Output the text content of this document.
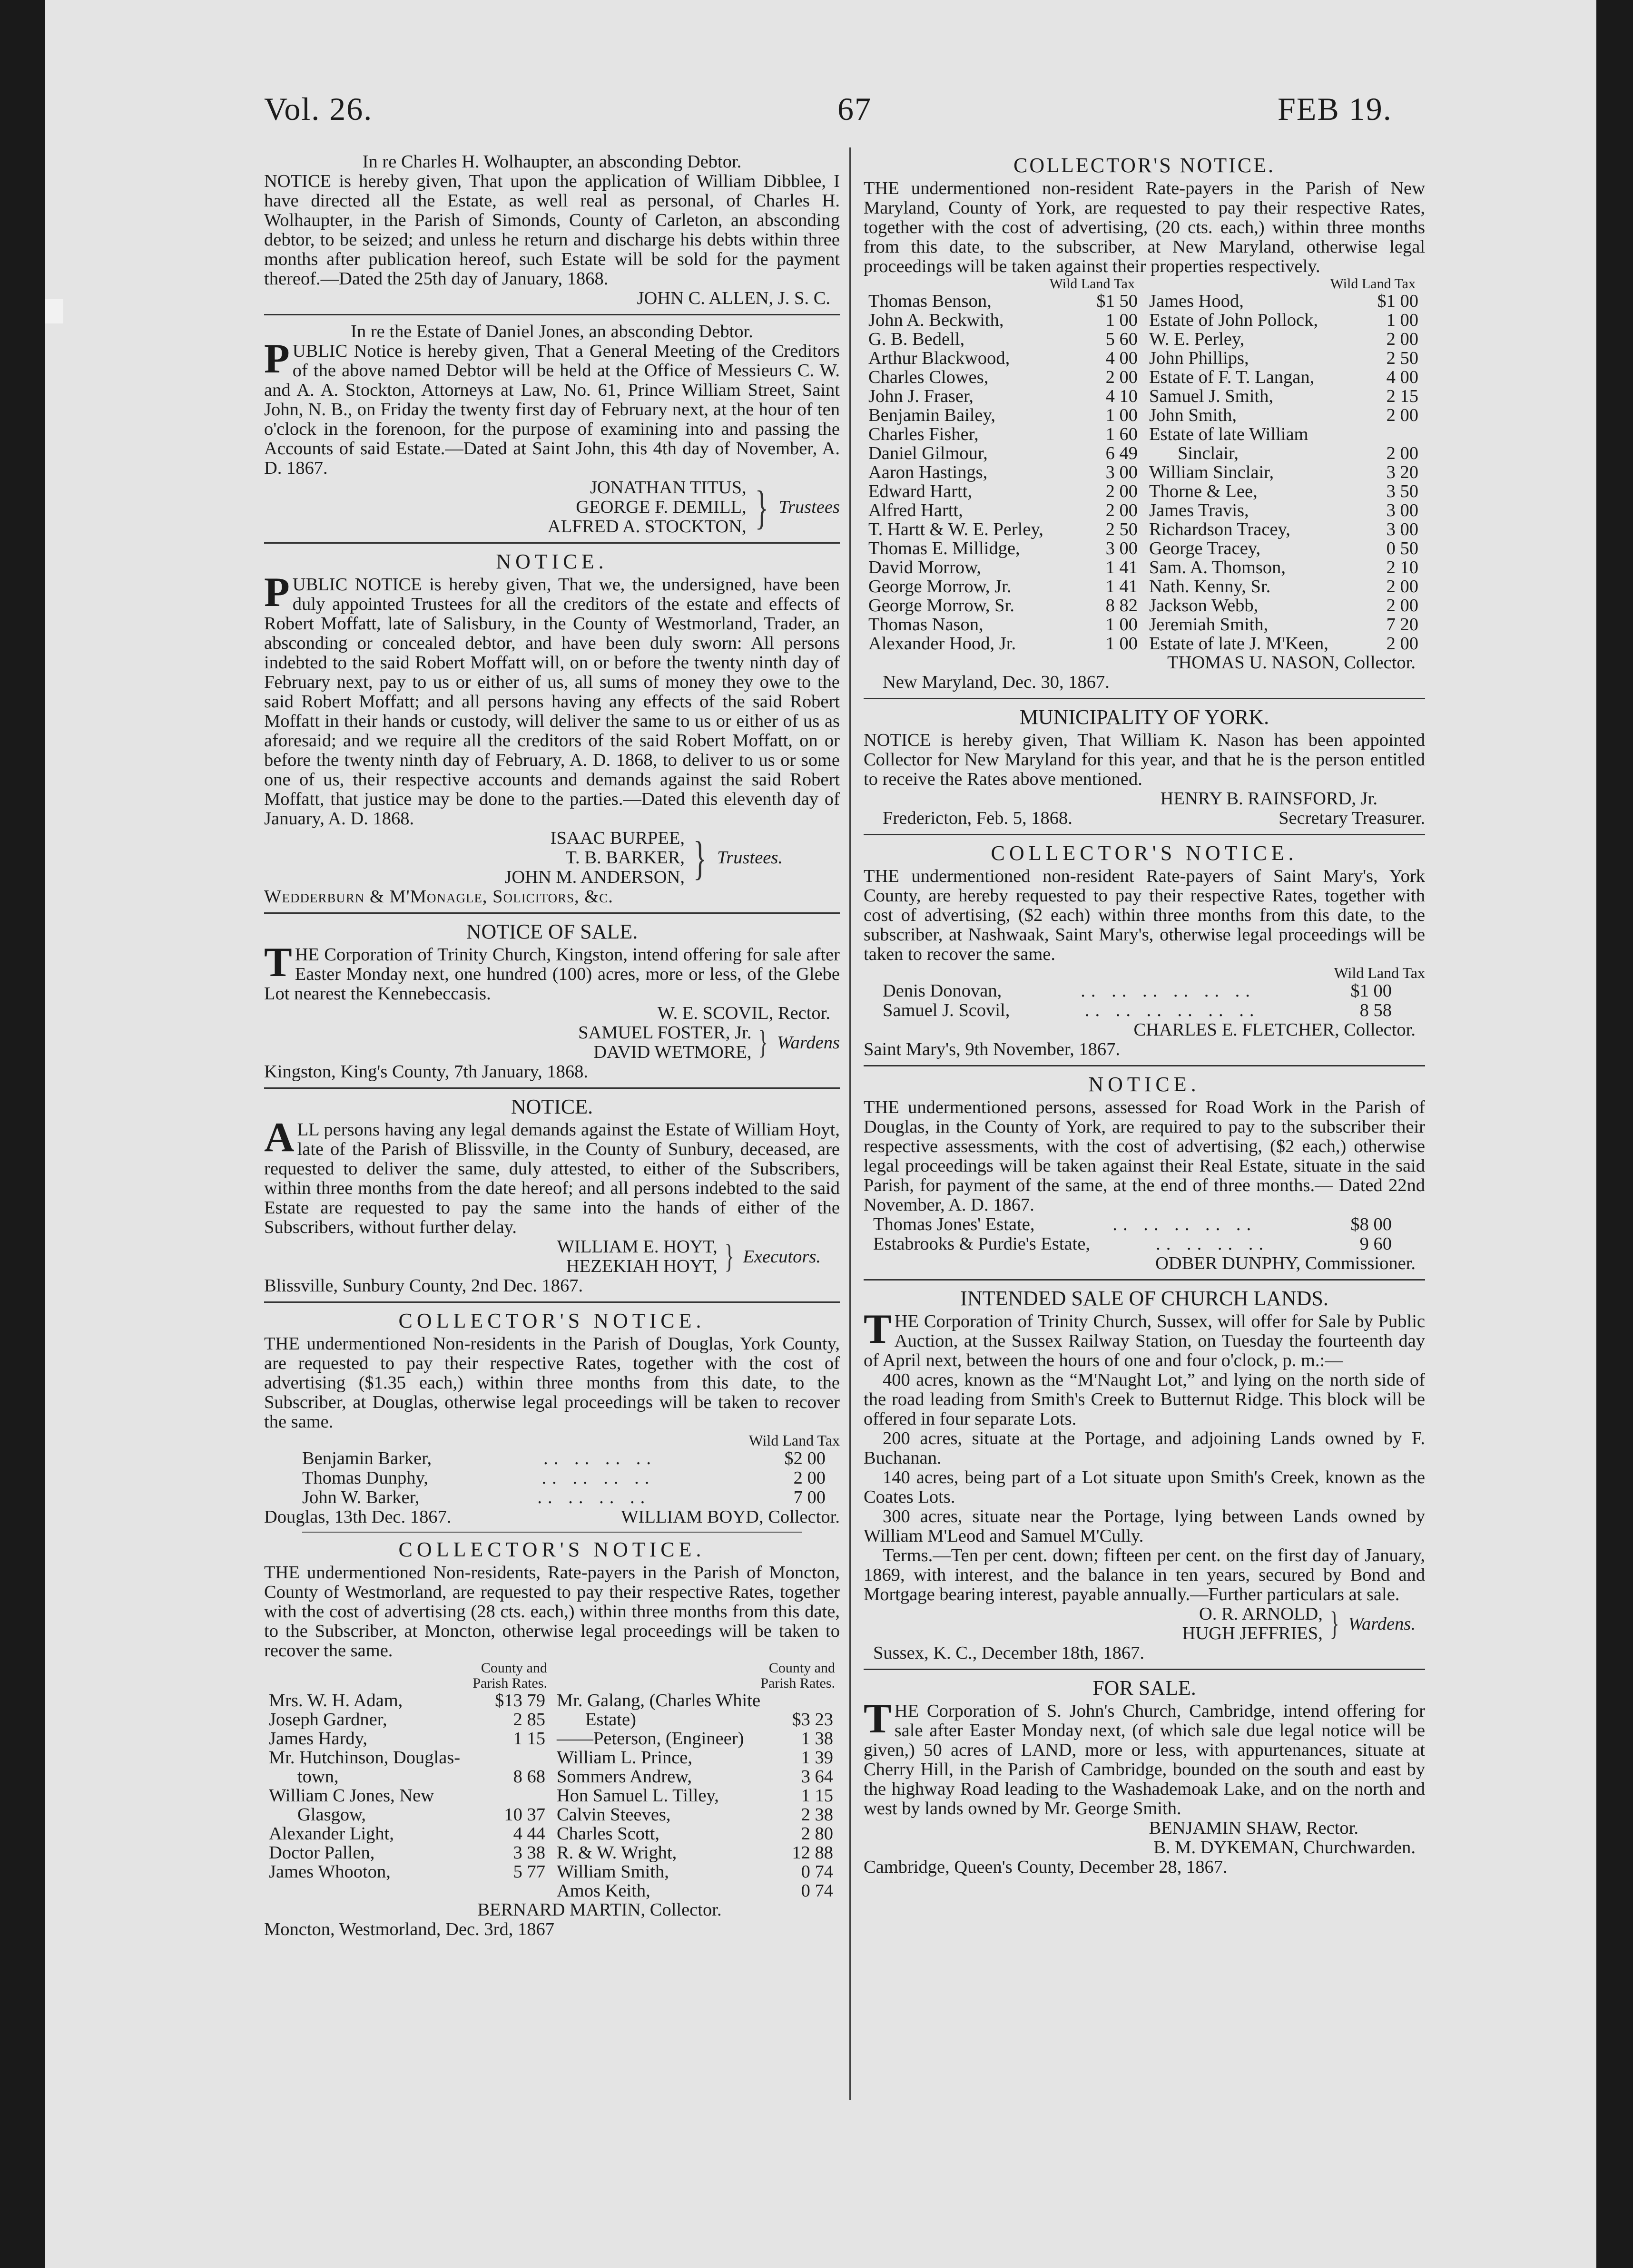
Vol. 26.	67	FEB 19.
In re Charles H. Wolhaupter, an absconding Debtor.
NOTICE is hereby given, That upon the application of William Dibblee, I have directed all the Estate, as well real as personal, of Charles H. Wolhaupter, in the Parish of Simonds, County of Carleton, an absconding debtor, to be seized; and unless he return and discharge his debts within three months after publication hereof, such Estate will be sold for the payment thereof.—Dated the 25th day of January, 1868.
JOHN C. ALLEN, J. S. C.
In re the Estate of Daniel Jones, an absconding Debtor.
PUBLIC Notice is hereby given, That a General Meeting of the Creditors of the above named Debtor will be held at the Office of Messieurs C. W. and A. A. Stockton, Attorneys at Law, No. 61, Prince William Street, Saint John, N. B., on Friday the twenty first day of February next, at the hour of ten o'clock in the forenoon, for the purpose of examining into and passing the Accounts of said Estate.—Dated at Saint John, this 4th day of November, A. D. 1867.
JONATHAN TITUS,
GEORGE F. DEMILL,
ALFRED A. STOCKTON, } Trustees
NOTICE.
PUBLIC NOTICE is hereby given, That we, the undersigned, have been duly appointed Trustees for all the creditors of the estate and effects of Robert Moffatt, late of Salisbury, in the County of Westmorland, Trader, an absconding or concealed debtor, and have been duly sworn: All persons indebted to the said Robert Moffatt will, on or before the twenty ninth day of February next, pay to us or either of us, all sums of money they owe to the said Robert Moffatt; and all persons having any effects of the said Robert Moffatt in their hands or custody, will deliver the same to us or either of us as aforesaid; and we require all the creditors of the said Robert Moffatt, on or before the twenty ninth day of February, A. D. 1868, to deliver to us or some one of us, their respective accounts and demands against the said Robert Moffatt, that justice may be done to the parties.—Dated this eleventh day of January, A. D. 1868.
ISAAC BURPEE,
T. B. BARKER,
JOHN M. ANDERSON, } Trustees.
Wedderburn & M'Monagle, Solicitors, &c.
NOTICE OF SALE.
THE Corporation of Trinity Church, Kingston, intend offering for sale after Easter Monday next, one hundred (100) acres, more or less, of the Glebe Lot nearest the Kennebeccasis.
W. E. SCOVIL, Rector.
SAMUEL FOSTER, Jr.
DAVID WETMORE, } Wardens
Kingston, King's County, 7th January, 1868.
NOTICE.
ALL persons having any legal demands against the Estate of William Hoyt, late of the Parish of Blissville, in the County of Sunbury, deceased, are requested to deliver the same, duly attested, to either of the Subscribers, within three months from the date hereof; and all persons indebted to the said Estate are requested to pay the same into the hands of either of the Subscribers, without further delay.
WILLIAM E. HOYT,
HEZEKIAH HOYT, } Executors.
Blissville, Sunbury County, 2nd Dec. 1867.
COLLECTOR'S NOTICE.
THE undermentioned Non-residents in the Parish of Douglas, York County, are requested to pay their respective Rates, together with the cost of advertising ($1.35 each,) within three months from this date, to the Subscriber, at Douglas, otherwise legal proceedings will be taken to recover the same.
Wild Land Tax
Benjamin Barker,	.. .. .. ..	$2 00
Thomas Dunphy,	.. .. .. ..	2 00
John W. Barker,	.. .. .. ..	7 00
Douglas, 13th Dec. 1867.	WILLIAM BOYD, Collector.
COLLECTOR'S NOTICE.
THE undermentioned Non-residents, Rate-payers in the Parish of Moncton, County of Westmorland, are requested to pay their respective Rates, together with the cost of advertising (28 cts. each,) within three months from this date, to the Subscriber, at Moncton, otherwise legal proceedings will be taken to recover the same.
County and
Parish Rates.
Mrs. W. H. Adam,	$13 79
Joseph Gardner,	2 85
James Hardy,	1 15
Mr. Hutchinson, Douglas-	
town,	8 68
William C Jones, New	
Glasgow,	10 37
Alexander Light,	4 44
Doctor Pallen,	3 38
James Whooton,	5 77
County and
Parish Rates.
Mr. Galang, (Charles White	
Estate)	$3 23
——Peterson, (Engineer)	1 38
William L. Prince,	1 39
Sommers Andrew,	3 64
Hon Samuel L. Tilley,	1 15
Calvin Steeves,	2 38
Charles Scott,	2 80
R. & W. Wright,	12 88
William Smith,	0 74
Amos Keith,	0 74
BERNARD MARTIN, Collector.
Moncton, Westmorland, Dec. 3rd, 1867
COLLECTOR'S NOTICE.
THE undermentioned non-resident Rate-payers in the Parish of New Maryland, County of York, are requested to pay their respective Rates, together with the cost of advertising, (20 cts. each,) within three months from this date, to the subscriber, at New Maryland, otherwise legal proceedings will be taken against their properties respectively.
Wild Land Tax
Thomas Benson,	$1 50
John A. Beckwith,	1 00
G. B. Bedell,	5 60
Arthur Blackwood,	4 00
Charles Clowes,	2 00
John J. Fraser,	4 10
Benjamin Bailey,	1 00
Charles Fisher,	1 60
Daniel Gilmour,	6 49
Aaron Hastings,	3 00
Edward Hartt,	2 00
Alfred Hartt,	2 00
T. Hartt & W. E. Perley,	2 50
Thomas E. Millidge,	3 00
David Morrow,	1 41
George Morrow, Jr.	1 41
George Morrow, Sr.	8 82
Thomas Nason,	1 00
Alexander Hood, Jr.	1 00
Wild Land Tax
James Hood,	$1 00
Estate of John Pollock,	1 00
W. E. Perley,	2 00
John Phillips,	2 50
Estate of F. T. Langan,	4 00
Samuel J. Smith,	2 15
John Smith,	2 00
Estate of late William	
Sinclair,	2 00
William Sinclair,	3 20
Thorne & Lee,	3 50
James Travis,	3 00
Richardson Tracey,	3 00
George Tracey,	0 50
Sam. A. Thomson,	2 10
Nath. Kenny, Sr.	2 00
Jackson Webb,	2 00
Jeremiah Smith,	7 20
Estate of late J. M'Keen,	2 00
THOMAS U. NASON, Collector.
New Maryland, Dec. 30, 1867.
MUNICIPALITY OF YORK.
NOTICE is hereby given, That William K. Nason has been appointed Collector for New Maryland for this year, and that he is the person entitled to receive the Rates above mentioned.
HENRY B. RAINSFORD, Jr.
Fredericton, Feb. 5, 1868.	Secretary Treasurer.
COLLECTOR'S NOTICE.
THE undermentioned non-resident Rate-payers of Saint Mary's, York County, are hereby requested to pay their respective Rates, together with cost of advertising, ($2 each) within three months from this date, to the subscriber, at Nashwaak, Saint Mary's, otherwise legal proceedings will be taken to recover the same.
Wild Land Tax
Denis Donovan,	.. .. .. .. .. ..	$1 00
Samuel J. Scovil,	.. .. .. .. .. ..	8 58
CHARLES E. FLETCHER, Collector.
Saint Mary's, 9th November, 1867.
NOTICE.
THE undermentioned persons, assessed for Road Work in the Parish of Douglas, in the County of York, are required to pay to the subscriber their respective assessments, with the cost of advertising, ($2 each,) otherwise legal proceedings will be taken against their Real Estate, situate in the said Parish, for payment of the same, at the end of three months.— Dated 22nd November, A. D. 1867.
Thomas Jones' Estate,	.. .. .. .. ..	$8 00
Estabrooks & Purdie's Estate,	.. .. .. ..	9 60
ODBER DUNPHY, Commissioner.
INTENDED SALE OF CHURCH LANDS.
THE Corporation of Trinity Church, Sussex, will offer for Sale by Public Auction, at the Sussex Railway Station, on Tuesday the fourteenth day of April next, between the hours of one and four o'clock, p. m.:—
400 acres, known as the “M'Naught Lot,” and lying on the north side of the road leading from Smith's Creek to Butternut Ridge. This block will be offered in four separate Lots.
200 acres, situate at the Portage, and adjoining Lands owned by F. Buchanan.
140 acres, being part of a Lot situate upon Smith's Creek, known as the Coates Lots.
300 acres, situate near the Portage, lying between Lands owned by William M'Leod and Samuel M'Cully.
Terms.—Ten per cent. down; fifteen per cent. on the first day of January, 1869, with interest, and the balance in ten years, secured by Bond and Mortgage bearing interest, payable annually.—Further particulars at sale.
O. R. ARNOLD,
HUGH JEFFRIES, } Wardens.
Sussex, K. C., December 18th, 1867.
FOR SALE.
THE Corporation of S. John's Church, Cambridge, intend offering for sale after Easter Monday next, (of which sale due legal notice will be given,) 50 acres of LAND, more or less, with appurtenances, situate at Cherry Hill, in the Parish of Cambridge, bounded on the south and east by the highway Road leading to the Washademoak Lake, and on the north and west by lands owned by Mr. George Smith.
BENJAMIN SHAW, Rector.
B. M. DYKEMAN, Churchwarden.
Cambridge, Queen's County, December 28, 1867.
